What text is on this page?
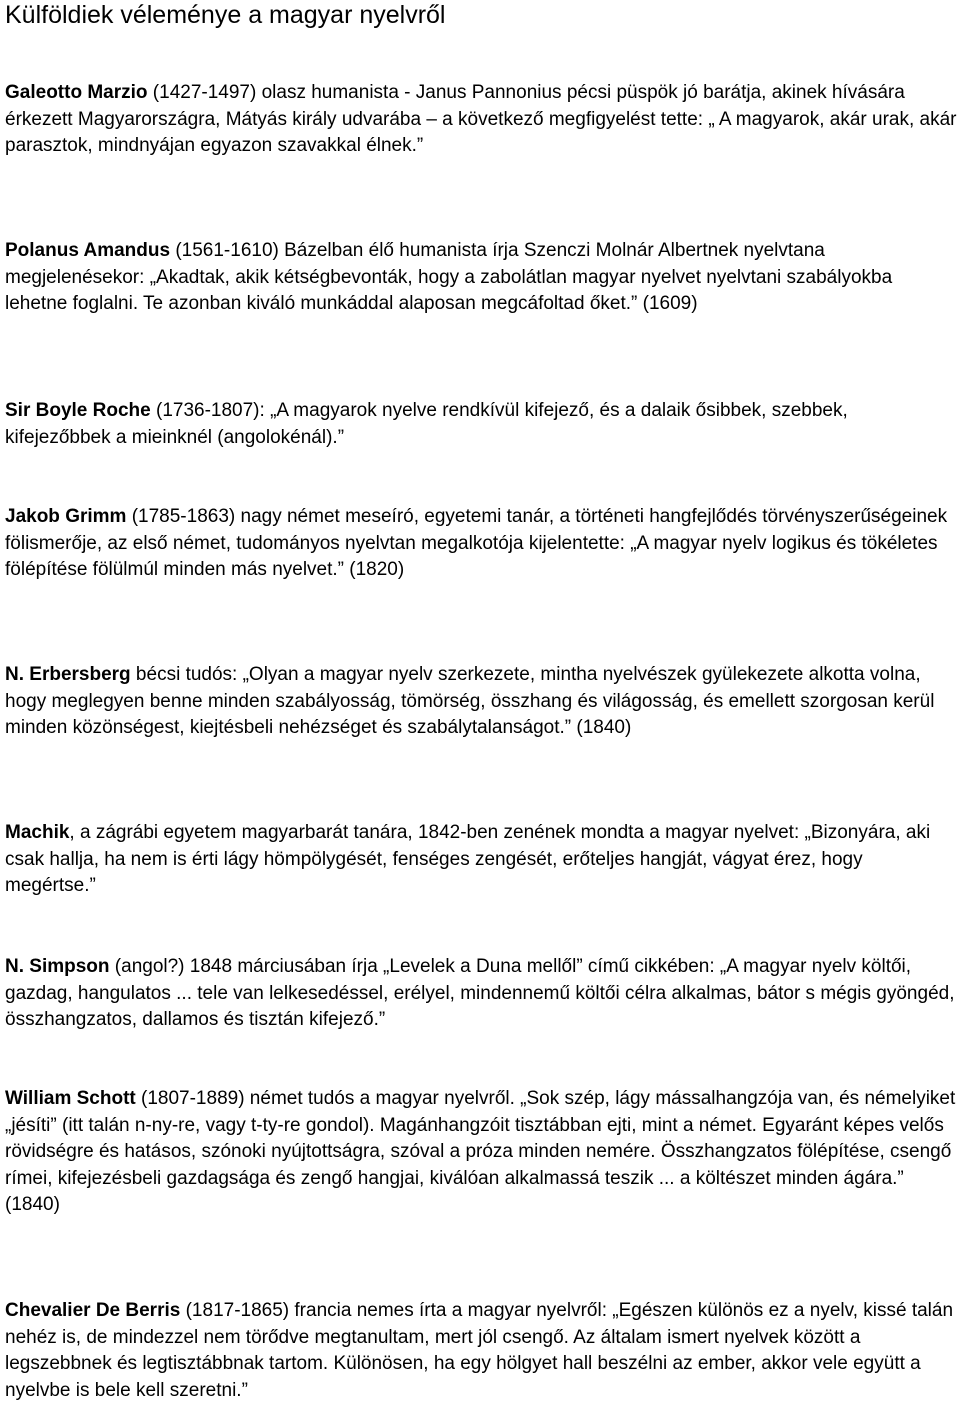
Külföldiek véleménye a magyar nyelvről

Galeotto Marzio (1427-1497) olasz humanista - Janus Pannonius pécsi püspök jó barátja, akinek hívására érkezett Magyarországra, Mátyás király udvarába – a következő megfigyelést tette: „ A magyarok, akár urak, akár parasztok, mindnyájan egyazon szavakkal élnek.”

Polanus Amandus (1561-1610) Bázelban élő humanista írja Szenczi Molnár Albertnek nyelvtana megjelenésekor: „Akadtak, akik kétségbevonták, hogy a zabolátlan magyar nyelvet nyelvtani szabályokba lehetne foglalni. Te azonban kiváló munkáddal alaposan megcáfoltad őket.” (1609)

Sir Boyle Roche (1736-1807): „A magyarok nyelve rendkívül kifejező, és a dalaik ősibbek, szebbek, kifejezőbbek a mieinknél (angolokénál).”

Jakob Grimm (1785-1863) nagy német meseíró, egyetemi tanár, a történeti hangfejlődés törvényszerűségeinek fölismerője, az első német, tudományos nyelvtan megalkotója kijelentette: „A magyar nyelv logikus és tökéletes fölépítése fölülmúl minden más nyelvet.” (1820)

N. Erbersberg bécsi tudós: „Olyan a magyar nyelv szerkezete, mintha nyelvészek gyülekezete alkotta volna, hogy meglegyen benne minden szabályosság, tömörség, összhang és világosság, és emellett szorgosan kerül minden közönségest, kiejtésbeli nehézséget és szabálytalanságot.” (1840)

Machik, a zágrábi egyetem magyarbarát tanára, 1842-ben zenének mondta a magyar nyelvet: „Bizonyára, aki csak hallja, ha nem is érti lágy hömpölygését, fenséges zengését, erőteljes hangját, vágyat érez, hogy megértse.”

N. Simpson (angol?) 1848 márciusában írja „Levelek a Duna mellől” című cikkében: „A magyar nyelv költői, gazdag, hangulatos ... tele van lelkesedéssel, erélyel, mindennemű költői célra alkalmas, bátor s mégis gyöngéd, összhangzatos, dallamos és tisztán kifejező.”

William Schott (1807-1889) német tudós a magyar nyelvről. „Sok szép, lágy mássalhangzója van, és némelyiket „jésíti” (itt talán n-ny-re, vagy t-ty-re gondol). Magánhangzóit tisztábban ejti, mint a német. Egyaránt képes velős rövidségre és hatásos, szónoki nyújtottságra, szóval a próza minden nemére. Összhangzatos fölépítése, csengő rímei, kifejezésbeli gazdagsága és zengő hangjai, kiválóan alkalmassá teszik ... a költészet minden ágára.” (1840)

Chevalier De Berris (1817-1865) francia nemes írta a magyar nyelvről: „Egészen különös ez a nyelv, kissé talán nehéz is, de mindezzel nem törődve megtanultam, mert jól csengő. Az általam ismert nyelvek között a legszebbnek és legtisztábbnak tartom. Különösen, ha egy hölgyet hall beszélni az ember, akkor vele együtt a nyelvbe is bele kell szeretni.”
